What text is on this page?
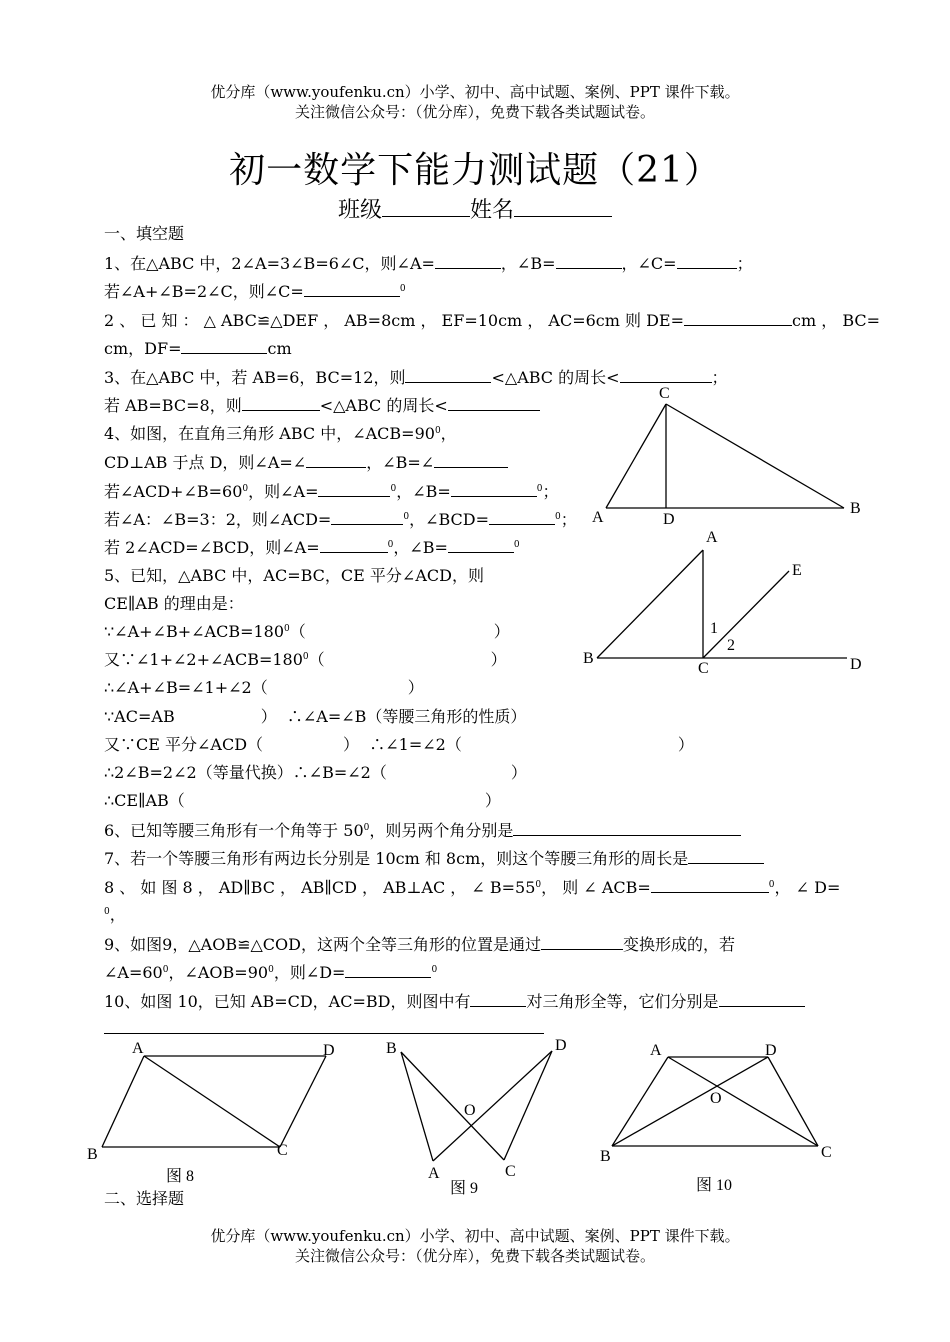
优分库（www.youfenku.cn）小学、初中、高中试题、案例、PPT 课件下载。
关注微信公众号：（优分库），免费下载各类试题试卷。
初一数学下能力测试题（21）
班级	姓名
一、填空题
1、在△ABC 中，2∠A=3∠B=6∠C，则∠A=	，∠B=	，∠C=	；
若∠A+∠B=2∠C，则∠C=	$^0$
2 、 已 知 ： △ ABC≌△DEF ， AB=8cm ， EF=10cm ， AC=6cm 则 DE=	cm ， BC=
cm，DF=	cm
3、在△ABC 中，若 AB=6，BC=12，则	<△ABC 的周长<	；
若 AB=BC=8，则	<△ABC 的周长<
4、如图，在直角三角形 ABC 中，$\angle ACB=90^0$，
CD⊥AB 于点 D，则∠A=∠	，∠B=∠
若$\angle ACD+\angle B=60^0$，则∠A=	$^0$，∠B=	$^0$；
若∠A：∠B=3：2，则∠ACD=	$^0$，∠BCD=	$^0$；
若 2∠ACD=∠BCD，则∠A=	$^0$，∠B=	$^0$
5、已知，△ABC 中，AC=BC，CE 平分∠ACD，则
CE∥AB 的理由是：
$\because\angle A+\angle B+\angle ACB=180^0$（	）
又$\because\angle 1+\angle 2+\angle ACB=180^0$（	）
∴∠A+∠B=∠1+∠2（	）
∵AC=AB	） ∴∠A=∠B（等腰三角形的性质）
又∵CE 平分∠ACD（	） ∴∠1=∠2（	）
∴2∠B=2∠2（等量代换）∴∠B=∠2（	）
∴CE∥AB（	）
6、已知等腰三角形有一个角等于 $50^0$，则另两个角分别是
7、若一个等腰三角形有两边长分别是 10cm 和 8cm，则这个等腰三角形的周长是
8 、 如 图 8 ， AD∥BC ， AB∥CD ， AB⊥AC ， ∠ $B=55^0$， 则 ∠ ACB=	$^0$， ∠ D=
$^0$，
9、如图9，△AOB≌△COD，这两个全等三角形的位置是通过	变换形成的，若
$\angle A=60^0$，$\angle AOB=90^0$，则∠D=	$^0$
10、如图 10，已知 AB=CD，AC=BD，则图中有	对三角形全等，它们分别是
C
A	D
B
A
E
B
C	D
1
2
A	D
B	C
图 8
B	D
O
A	C
图 9
A	D
O
B	C
图 10
二、选择题
优分库（www.youfenku.cn）小学、初中、高中试题、案例、PPT 课件下载。
关注微信公众号：（优分库），免费下载各类试题试卷。
